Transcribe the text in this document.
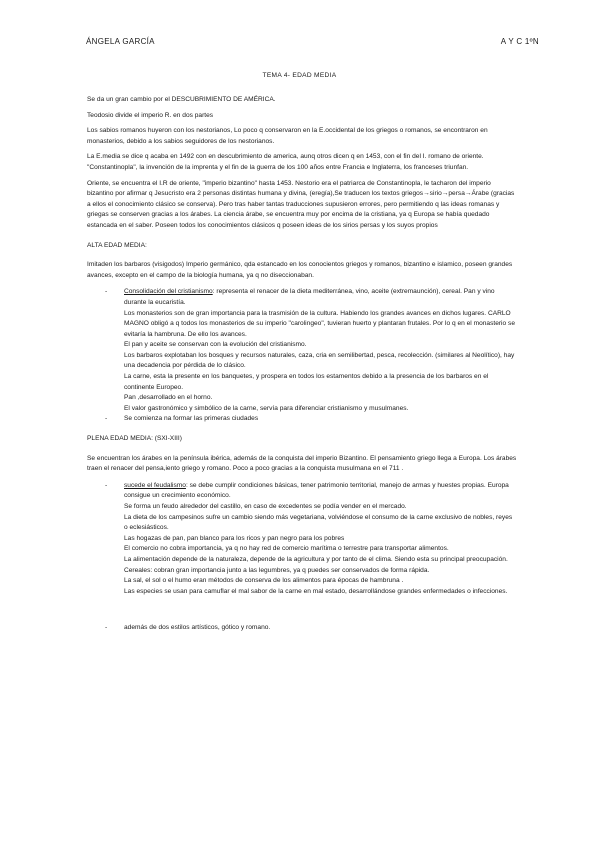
ÁNGELA GARCÍA	A Y C 1ºN
TEMA 4- EDAD MEDIA

Se da un gran cambio por el DESCUBRIMIENTO DE AMÉRICA.

Teodosio divide el imperio R. en dos partes

Los sabios romanos huyeron con los nestorianos, Lo poco q conservaron en la E.occidental de los griegos o romanos, se encontraron en monasterios, debido a los sabios seguidores de los nestorianos.

La E.media se dice q acaba en 1492 con en descubrimiento de america, aunq otros dicen q en 1453, con el fin del I. romano de oriente. "Constantinopla", la invención de la imprenta y el fin de la guerra de los 100 años entre Francia e Inglaterra, los franceses triunfan.

Oriente, se encuentra el I.R de oriente, "imperio bizantino" hasta 1453. Nestorio era el patriarca de Constantinopla, le tacharon del imperio bizantino por afirmar q Jesucristo era 2 personas distintas humana y divina, (eregía),Se traducen los textos griegos→sirio→persa→Árabe (gracias a ellos el conocimiento clásico se conserva). Pero tras haber tantas traducciones supusieron errores, pero permitiendo q las ideas romanas y griegas se conserven gracias a los árabes. La ciencia árabe, se encuentra muy por encima de la cristiana, ya q Europa se había quedado estancada en el saber. Poseen todos los conocimientos clásicos q poseen ideas de los sirios persas y los suyos propios

ALTA EDAD MEDIA:

Imitaden los barbaros (visigodos) Imperio germánico, qda estancado en los conocientos griegos y romanos, bizantino e islamico, poseen grandes avances, excepto en el campo de la biología humana, ya q no diseccionaban.

-	Consolidación del cristianismo: representa el renacer de la dieta mediterránea, vino, aceite (extremaunción), cereal. Pan y vino durante la eucaristía.
Los monasterios son de gran importancia para la trasmisión de la cultura. Habiendo los grandes avances en dichos lugares. CARLO MAGNO obligó a q todos los monasterios de su imperio "carolingeo", tuvieran huerto y plantaran frutales. Por lo q en el monasterio se evitaría la hambruna. De ello los avances.
El pan y aceite se conservan con la evolución del cristianismo.
Los barbaros explotaban los bosques y recursos naturales, caza, cria en semilibertad, pesca, recolección. (similares al Neolítico), hay una decadencia por pérdida de lo clásico.
La carne, esta la presente en los banquetes, y prospera en todos los estamentos debido a la presencia de los barbaros en el continente Europeo.
Pan ,desarrollado en el horno.
El valor gastronómico y simbólico de la carne, servía para diferenciar cristianismo y musulmanes.
-	Se comienza na formar las primeras ciudades
PLENA EDAD MEDIA: (SXI-XIII)

Se encuentran los árabes en la península ibérica, además de la conquista del imperio Bizantino. El pensamiento griego llega a Europa. Los árabes traen el renacer del pensa,iento griego y romano. Poco a poco gracias a la conquista musulmana en el 711 .

-	sucede el feudalismo: se debe cumplir condiciones básicas, tener patrimonio territorial, manejo de armas y huestes propias. Europa consigue un crecimiento económico.
Se forma un feudo alrededor del castillo, en caso de excedentes se podía vender en el mercado.
La dieta de los campesinos sufre un cambio siendo más vegetariana, volviéndose el consumo de la carne exclusivo de nobles, reyes o eclesiásticos.
Las hogazas de pan, pan blanco para los ricos y pan negro para los pobres
El comercio no cobra importancia, ya q no hay red de comercio marítima o terrestre para transportar alimentos.
La alimentación depende de la naturaleza, depende de la agricultura y por tanto de el clima. Siendo esta su principal preocupación.
Cereales: cobran gran importancia junto a las legumbres, ya q puedes ser conservados de forma rápida.
La sal, el sol o el humo eran métodos de conserva de los alimentos para épocas de hambruna .
Las especies se usan para camuflar el mal sabor de la carne en mal estado, desarrollándose grandes enfermedades o infecciones.
-	además de dos estilos artísticos, gótico y romano.
